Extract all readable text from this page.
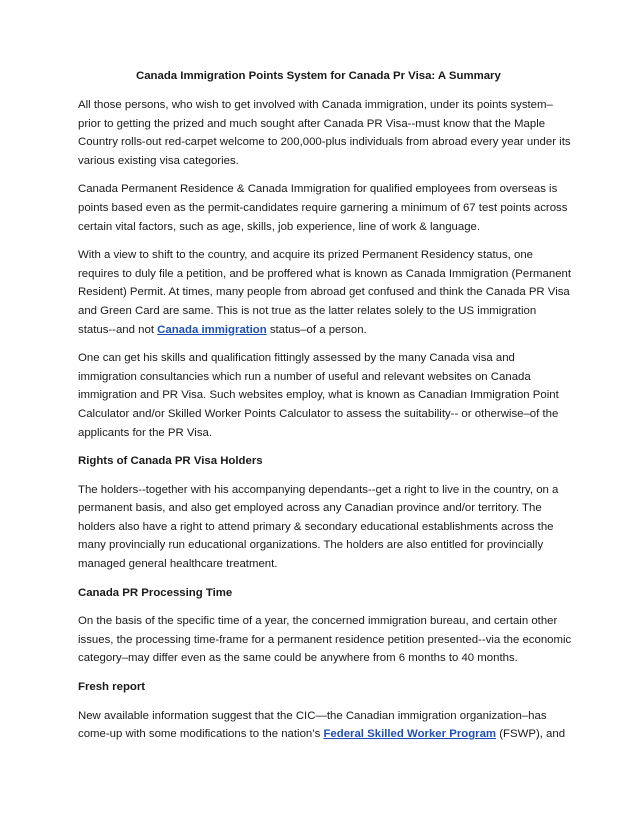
Canada Immigration Points System for Canada Pr Visa: A Summary

All those persons, who wish to get involved with Canada immigration, under its points system–prior to getting the prized and much sought after Canada PR Visa--must know that the Maple Country rolls-out red-carpet welcome to 200,000-plus individuals from abroad every year under its various existing visa categories.

Canada Permanent Residence & Canada Immigration for qualified employees from overseas is points based even as the permit-candidates require garnering a minimum of 67 test points across certain vital factors, such as age, skills, job experience, line of work & language.

With a view to shift to the country, and acquire its prized Permanent Residency status, one requires to duly file a petition, and be proffered what is known as Canada Immigration (Permanent Resident) Permit. At times, many people from abroad get confused and think the Canada PR Visa and Green Card are same. This is not true as the latter relates solely to the US immigration status--and not Canada immigration status–of a person.

One can get his skills and qualification fittingly assessed by the many Canada visa and immigration consultancies which run a number of useful and relevant websites on Canada immigration and PR Visa. Such websites employ, what is known as Canadian Immigration Point Calculator and/or Skilled Worker Points Calculator to assess the suitability-- or otherwise–of the applicants for the PR Visa.

Rights of Canada PR Visa Holders

The holders--together with his accompanying dependants--get a right to live in the country, on a permanent basis, and also get employed across any Canadian province and/or territory. The holders also have a right to attend primary & secondary educational establishments across the many provincially run educational organizations. The holders are also entitled for provincially managed general healthcare treatment.

Canada PR Processing Time

On the basis of the specific time of a year, the concerned immigration bureau, and certain other issues, the processing time-frame for a permanent residence petition presented--via the economic category–may differ even as the same could be anywhere from 6 months to 40 months.

Fresh report

New available information suggest that the CIC—the Canadian immigration organization–has come-up with some modifications to the nation’s Federal Skilled Worker Program (FSWP), and
